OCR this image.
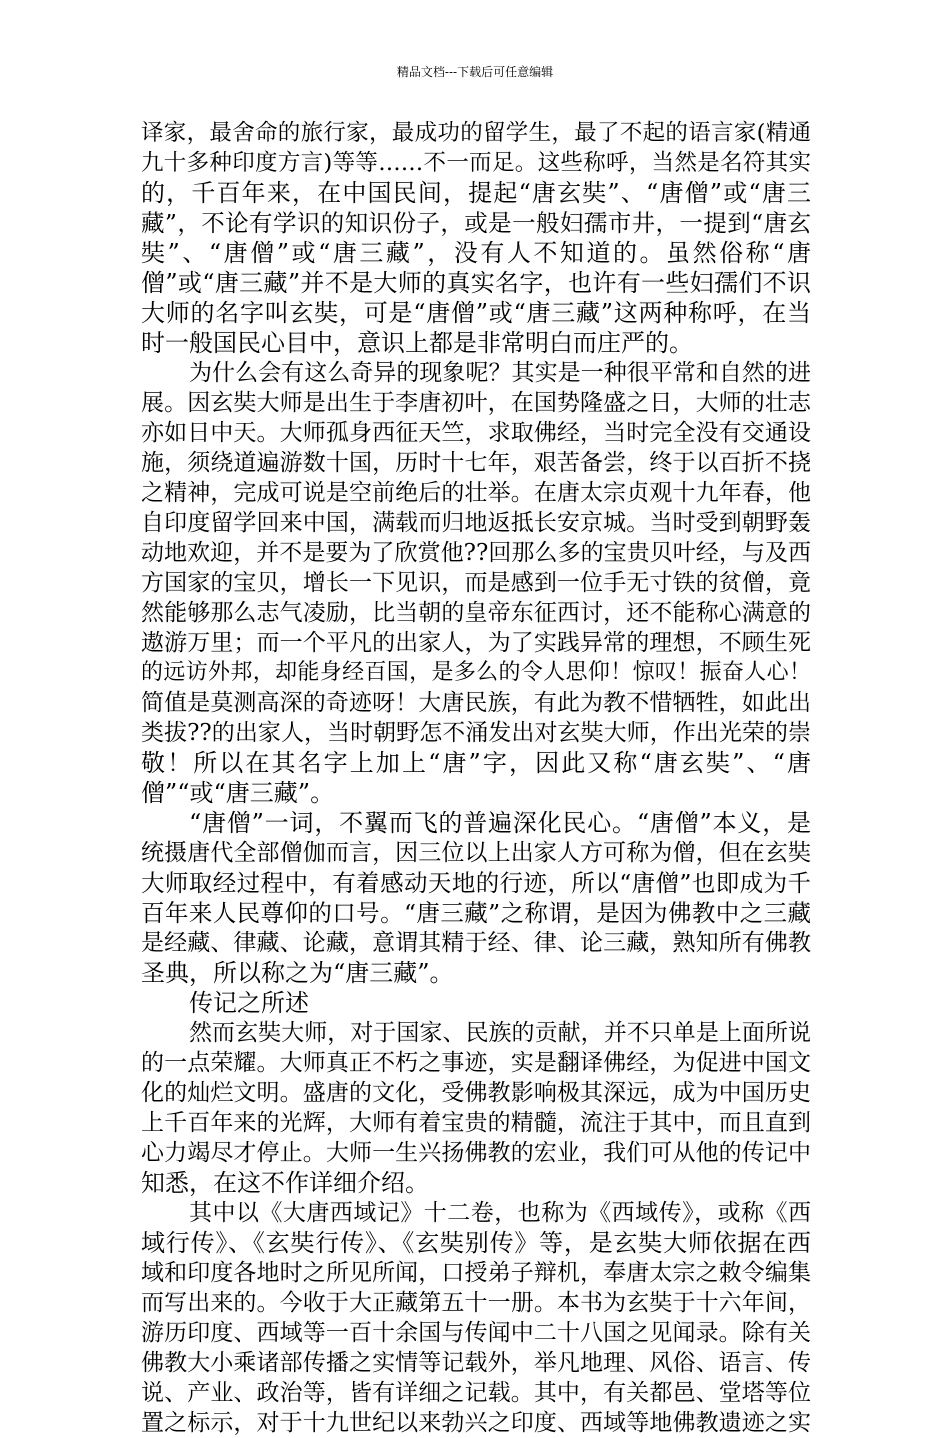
精品文档---下载后可任意编辑
译家，最舍命的旅行家，最成功的留学生，最了不起的语言家(精通
九十多种印度方言)等等……不一而足。这些称呼，当然是名符其实
的，千百年来，在中国民间，提起“唐玄奘”、“唐僧”或“唐三
藏”，不论有学识的知识份子，或是一般妇孺市井，一提到“唐玄
奘”、“唐僧”或“唐三藏”，没有人不知道的。虽然俗称“唐
僧”或“唐三藏”并不是大师的真实名字，也许有一些妇孺们不识
大师的名字叫玄奘，可是“唐僧”或“唐三藏”这两种称呼，在当
时一般国民心目中，意识上都是非常明白而庄严的。
为什么会有这么奇异的现象呢？其实是一种很平常和自然的进
展。因玄奘大师是出生于李唐初叶，在国势隆盛之日，大师的壮志
亦如日中天。大师孤身西征天竺，求取佛经，当时完全没有交通设
施，须绕道遍游数十国，历时十七年，艰苦备尝，终于以百折不挠
之精神，完成可说是空前绝后的壮举。在唐太宗贞观十九年春，他
自印度留学回来中国，满载而归地返抵长安京城。当时受到朝野轰
动地欢迎，并不是要为了欣赏他??回那么多的宝贵贝叶经，与及西
方国家的宝贝，增长一下见识，而是感到一位手无寸铁的贫僧，竟
然能够那么志气凌励，比当朝的皇帝东征西讨，还不能称心满意的
遨游万里；而一个平凡的出家人，为了实践异常的理想，不顾生死
的远访外邦，却能身经百国，是多么的令人思仰！惊叹！振奋人心！
简值是莫测高深的奇迹呀！大唐民族，有此为教不惜牺牲，如此出
类拔??的出家人，当时朝野怎不涌发出对玄奘大师，作出光荣的崇
敬！所以在其名字上加上“唐”字，因此又称“唐玄奘”、“唐
僧”“或“唐三藏”。
“唐僧”一词，不翼而飞的普遍深化民心。“唐僧”本义，是
统摄唐代全部僧伽而言，因三位以上出家人方可称为僧，但在玄奘
大师取经过程中，有着感动天地的行迹，所以“唐僧”也即成为千
百年来人民尊仰的口号。“唐三藏”之称谓，是因为佛教中之三藏
是经藏、律藏、论藏，意谓其精于经、律、论三藏，熟知所有佛教
圣典，所以称之为“唐三藏”。
传记之所述
然而玄奘大师，对于国家、民族的贡献，并不只单是上面所说
的一点荣耀。大师真正不朽之事迹，实是翻译佛经，为促进中国文
化的灿烂文明。盛唐的文化，受佛教影响极其深远，成为中国历史
上千百年来的光辉，大师有着宝贵的精髓，流注于其中，而且直到
心力竭尽才停止。大师一生兴扬佛教的宏业，我们可从他的传记中
知悉，在这不作详细介绍。
其中以《大唐西域记》十二卷，也称为《西域传》，或称《西
域行传》、《玄奘行传》、《玄奘别传》等，是玄奘大师依据在西
域和印度各地时之所见所闻，口授弟子辩机，奉唐太宗之敕令编集
而写出来的。今收于大正藏第五十一册。本书为玄奘于十六年间，
游历印度、西域等一百十余国与传闻中二十八国之见闻录。除有关
佛教大小乘诸部传播之实情等记载外，举凡地理、风俗、语言、传
说、产业、政治等，皆有详细之记载。其中，有关都邑、堂塔等位
置之标示，对于十九世纪以来勃兴之印度、西域等地佛教遗迹之实
